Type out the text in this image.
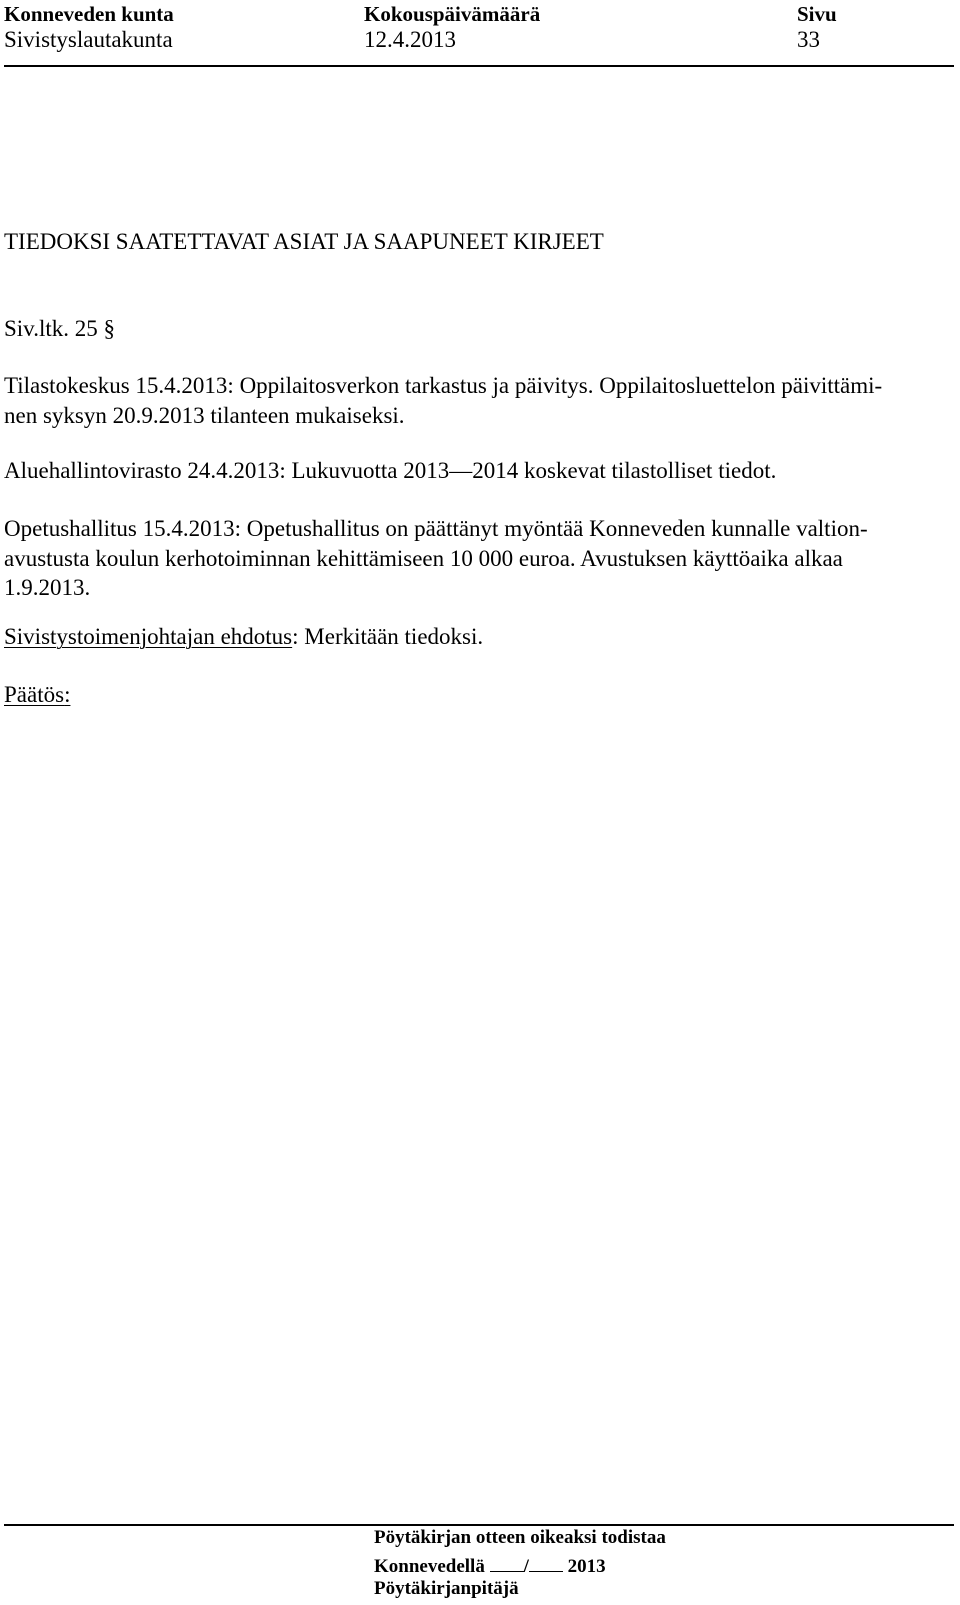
Konneveden kunta
Sivistyslautakunta
Kokouspäivämäärä
12.4.2013
Sivu
33
TIEDOKSI SAATETTAVAT ASIAT JA SAAPUNEET KIRJEET
Siv.ltk. 25 §
Tilastokeskus 15.4.2013: Oppilaitosverkon tarkastus ja päivitys. Oppilaitosluettelon päivittämi-
nen syksyn 20.9.2013 tilanteen mukaiseksi.
Aluehallintovirasto 24.4.2013: Lukuvuotta 2013—2014 koskevat tilastolliset tiedot.
Opetushallitus 15.4.2013: Opetushallitus on päättänyt myöntää Konneveden kunnalle valtion-
avustusta koulun kerhotoiminnan kehittämiseen 10 000 euroa. Avustuksen käyttöaika alkaa
1.9.2013.
Sivistystoimenjohtajan ehdotus: Merkitään tiedoksi.
Päätös:
Pöytäkirjan otteen oikeaksi todistaa
Konnevedellä / 2013
Pöytäkirjanpitäjä
